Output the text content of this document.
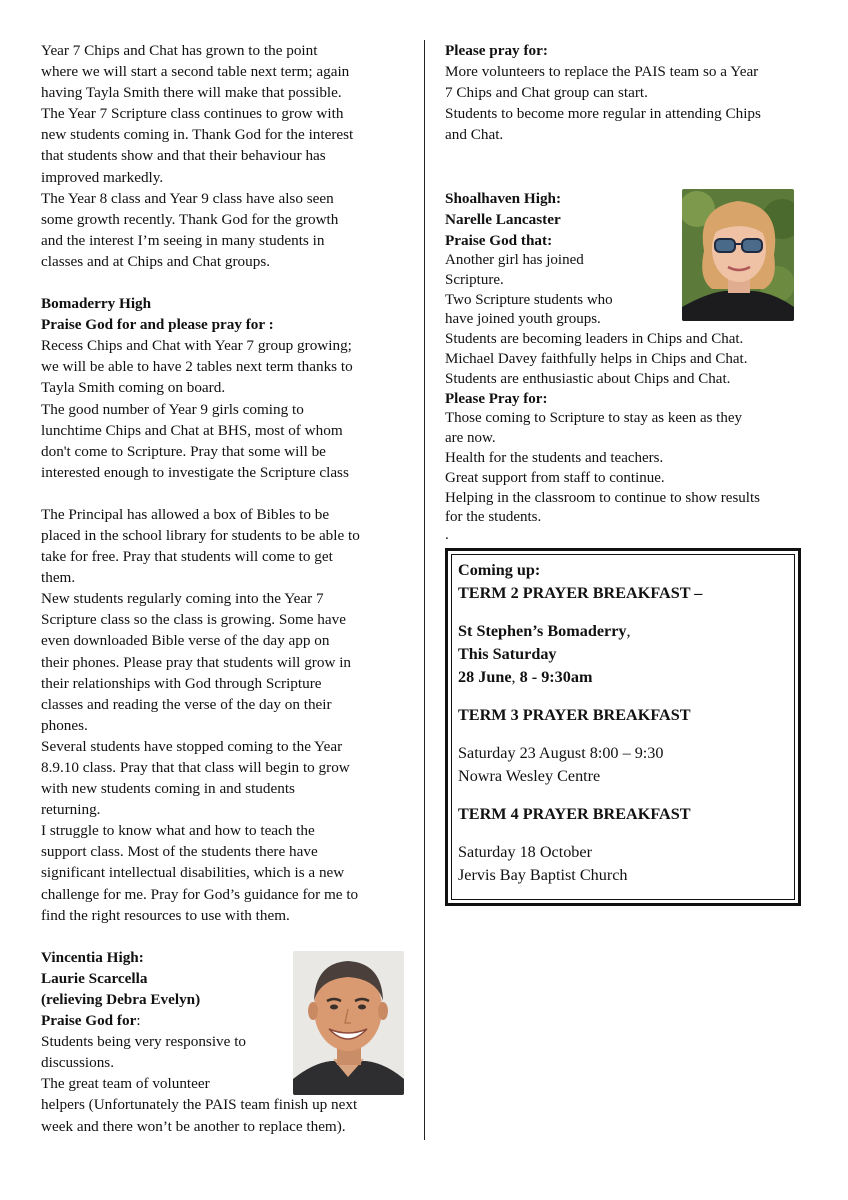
Year 7 Chips and Chat has grown to the point

where we will start a second table next term; again

having Tayla Smith there will make that possible.

The Year 7 Scripture class continues to grow with

new students coming in. Thank God for the interest

that students show and that their behaviour has

improved markedly.

The Year 8 class and Year 9 class have also seen

some growth recently. Thank God for the growth

and the interest I’m seeing in many students in

classes and at Chips and Chat groups.

Bomaderry High

Praise God for and please pray for :

Recess Chips and Chat with Year 7 group growing;

we will be able to have 2 tables next term thanks to

Tayla Smith coming on board.

The good number of Year 9 girls coming to

lunchtime Chips and Chat at BHS, most of whom

don't come to Scripture. Pray that some will be

interested enough to investigate the Scripture class

The Principal has allowed a box of Bibles to be

placed in the school library for students to be able to

take for free. Pray that students will come to get

them.

New students regularly coming into the Year 7

Scripture class so the class is growing. Some have

even downloaded Bible verse of the day app on

their phones. Please pray that students will grow in

their relationships with God through Scripture

classes and reading the verse of the day on their

phones.

Several students have stopped coming to the Year

8.9.10 class. Pray that that class will begin to grow

with new students coming in and students

returning.

I struggle to know what and how to teach the

support class. Most of the students there have

significant intellectual disabilities, which is a new

challenge for me. Pray for God’s guidance for me to

find the right resources to use with them.

Vincentia High:

Laurie Scarcella

(relieving Debra Evelyn)

Praise God for:

Students being very responsive to

discussions.

The great team of volunteer

helpers (Unfortunately the PAIS team finish up next

week and there won’t be another to replace them).

Please pray for:

More volunteers to replace the PAIS team so a Year

7 Chips and Chat group can start.

Students to become more regular in attending Chips

and Chat.

Shoalhaven High:

Narelle Lancaster

Praise God that:

Another girl has joined

Scripture.

Two Scripture students who

have joined youth groups.

Students are becoming leaders in Chips and Chat.

Michael Davey faithfully helps in Chips and Chat.

Students are enthusiastic about Chips and Chat.

Please Pray for:

Those coming to Scripture to stay as keen as they

are now.

Health for the students and teachers.

Great support from staff to continue.

Helping in the classroom to continue to show results

for the students.

.

Coming up:

TERM 2 PRAYER BREAKFAST –

St Stephen’s Bomaderry,

This Saturday

28 June, 8 - 9:30am

TERM 3 PRAYER BREAKFAST

Saturday 23 August 8:00 – 9:30

Nowra Wesley Centre

TERM 4 PRAYER BREAKFAST

Saturday 18 October

Jervis Bay Baptist Church
